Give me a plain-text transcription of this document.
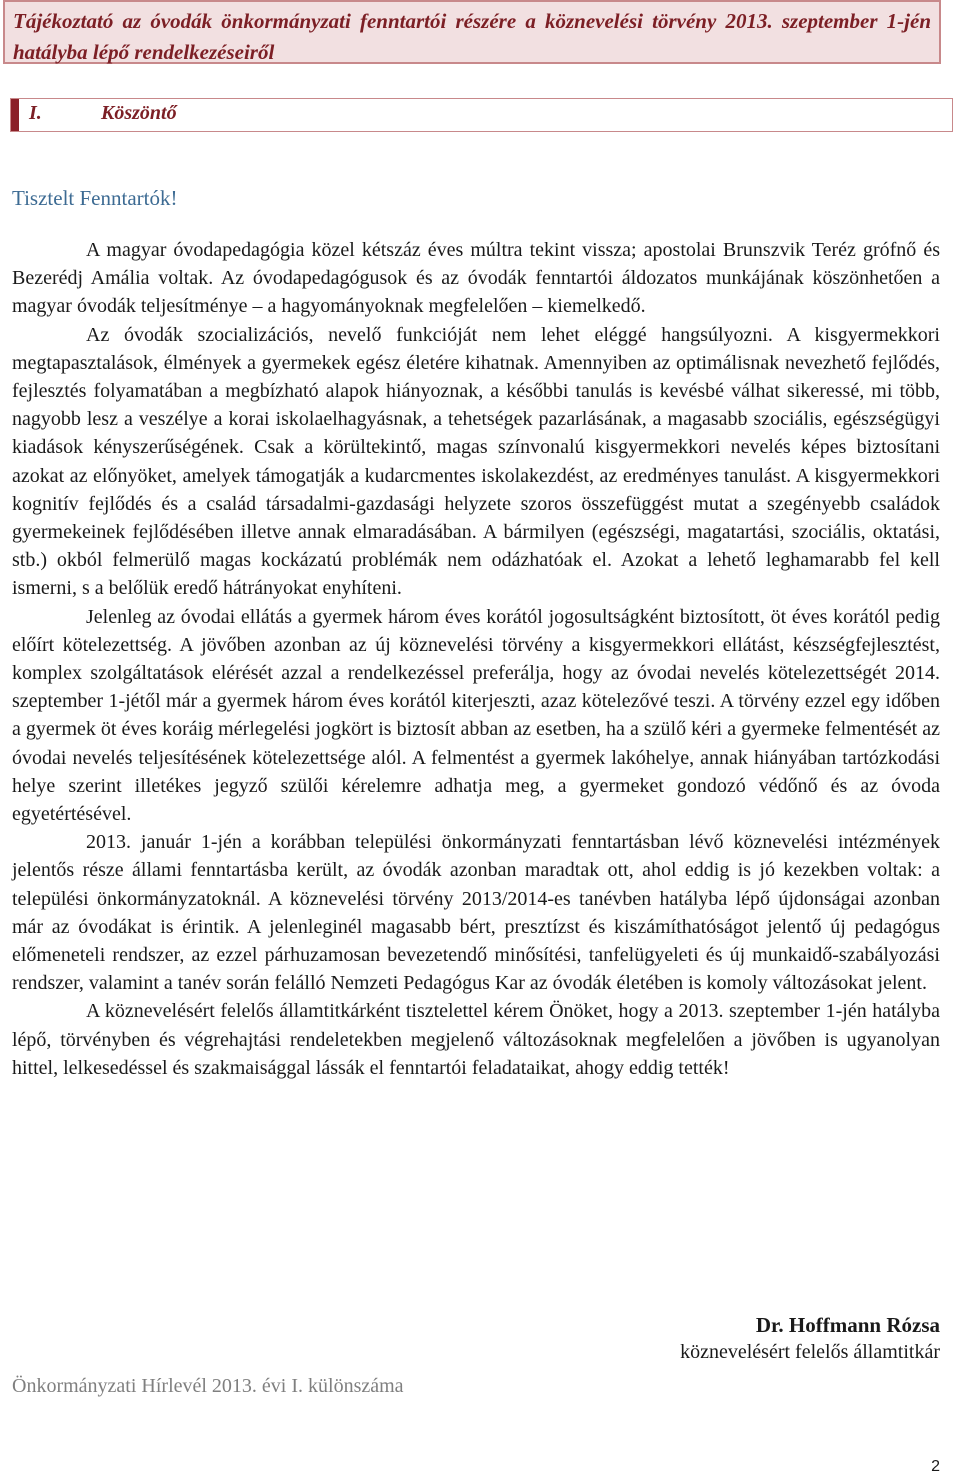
Tájékoztató az óvodák önkormányzati fenntartói részére a köznevelési törvény 2013. szeptember 1-jén hatályba lépő rendelkezéseiről

I.	Köszöntő

Tisztelt Fenntartók!

A magyar óvodapedagógia közel kétszáz éves múltra tekint vissza; apostolai Brunszvik Teréz grófnő és Bezerédj Amália voltak. Az óvodapedagógusok és az óvodák fenntartói áldozatos munkájának köszönhetően a magyar óvodák teljesítménye – a hagyományoknak megfelelően – kiemelkedő.

Az óvodák szocializációs, nevelő funkcióját nem lehet eléggé hangsúlyozni. A kisgyermekkori megtapasztalások, élmények a gyermekek egész életére kihatnak. Amennyiben az optimálisnak nevezhető fejlődés, fejlesztés folyamatában a megbízható alapok hiányoznak, a későbbi tanulás is kevésbé válhat sikeressé, mi több, nagyobb lesz a veszélye a korai iskolaelhagyásnak, a tehetségek pazarlásának, a magasabb szociális, egészségügyi kiadások kényszerűségének. Csak a körültekintő, magas színvonalú kisgyermekkori nevelés képes biztosítani azokat az előnyöket, amelyek támogatják a kudarcmentes iskolakezdést, az eredményes tanulást. A kisgyermekkori kognitív fejlődés és a család társadalmi-gazdasági helyzete szoros összefüggést mutat a szegényebb családok gyermekeinek fejlődésében illetve annak elmaradásában. A bármilyen (egészségi, magatartási, szociális, oktatási, stb.) okból felmerülő magas kockázatú problémák nem odázhatóak el. Azokat a lehető leghamarabb fel kell ismerni, s a belőlük eredő hátrányokat enyhíteni.

Jelenleg az óvodai ellátás a gyermek három éves korától jogosultságként biztosított, öt éves korától pedig előírt kötelezettség. A jövőben azonban az új köznevelési törvény a kisgyermekkori ellátást, készségfejlesztést, komplex szolgáltatások elérését azzal a rendelkezéssel preferálja, hogy az óvodai nevelés kötelezettségét 2014. szeptember 1-jétől már a gyermek három éves korától kiterjeszti, azaz kötelezővé teszi. A törvény ezzel egy időben a gyermek öt éves koráig mérlegelési jogkört is biztosít abban az esetben, ha a szülő kéri a gyermeke felmentését az óvodai nevelés teljesítésének kötelezettsége alól. A felmentést a gyermek lakóhelye, annak hiányában tartózkodási helye szerint illetékes jegyző szülői kérelemre adhatja meg, a gyermeket gondozó védőnő és az óvoda egyetértésével.

2013. január 1-jén a korábban települési önkormányzati fenntartásban lévő köznevelési intézmények jelentős része állami fenntartásba került, az óvodák azonban maradtak ott, ahol eddig is jó kezekben voltak: a települési önkormányzatoknál. A köznevelési törvény 2013/2014-es tanévben hatályba lépő újdonságai azonban már az óvodákat is érintik. A jelenleginél magasabb bért, presztízst és kiszámíthatóságot jelentő új pedagógus előmeneteli rendszer, az ezzel párhuzamosan bevezetendő minősítési, tanfelügyeleti és új munkaidő-szabályozási rendszer, valamint a tanév során felálló Nemzeti Pedagógus Kar az óvodák életében is komoly változásokat jelent.

A köznevelésért felelős államtitkárként tisztelettel kérem Önöket, hogy a 2013. szeptember 1-jén hatályba lépő, törvényben és végrehajtási rendeletekben megjelenő változásoknak megfelelően a jövőben is ugyanolyan hittel, lelkesedéssel és szakmaisággal lássák el fenntartói feladataikat, ahogy eddig tették!

Dr. Hoffmann Rózsa

köznevelésért felelős államtitkár

Önkormányzati Hírlevél 2013. évi I. különszáma

2
